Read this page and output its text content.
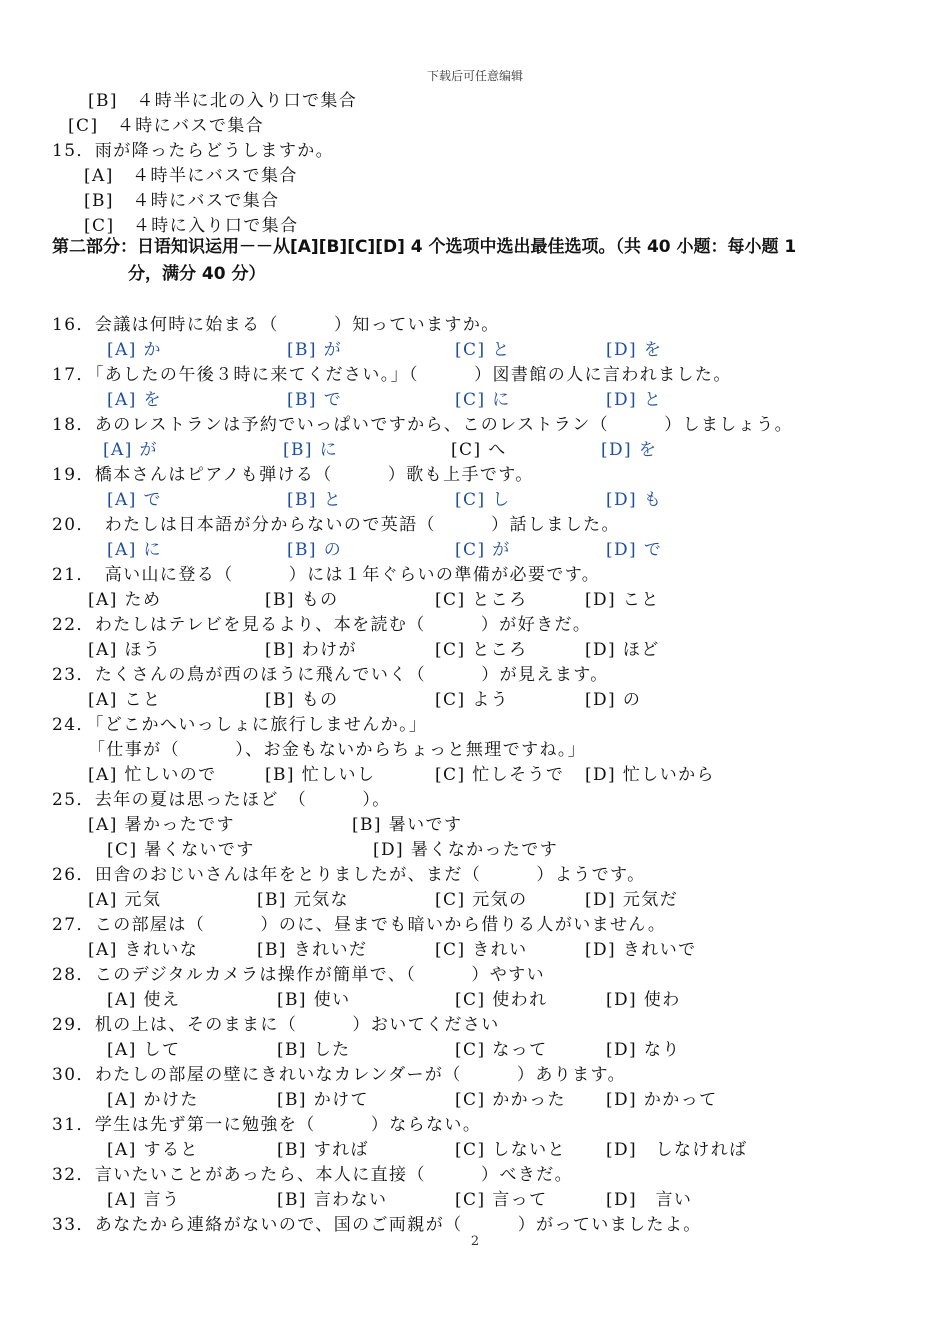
下载后可任意编辑
[B]　４時半に北の入り口で集合
[C]　４時にバスで集合
15．雨が降ったらどうしますか。
[A]　４時半にバスで集合
[B]　４時にバスで集合
[C]　４時に入り口で集合
16．会議は何時に始まる（　　　）知っていますか。
[A] か	[B] が	[C] と	[D] を
17．「あしたの午後３時に来てください。」（　　　）図書館の人に言われました。
[A] を	[B] で	[C] に	[D] と
18．あのレストランは予約でいっぱいですから、このレストラン（　　　）しましょう。
[A] が	[B] に	[C] へ	[D] を
19．橋本さんはピアノも弾ける（　　　）歌も上手です。
[A] で	[B] と	[C] し	[D] も
20．　わたしは日本語が分からないので英語（　　　）話しました。
[A] に	[B] の	[C] が	[D] で
21．　高い山に登る（　　　）には１年ぐらいの準備が必要です。
[A] ため	[B] もの	[C] ところ	[D] こと
22．わたしはテレビを見るより、本を読む（　　　）が好きだ。
[A] ほう	[B] わけが	[C] ところ	[D] ほど
23．たくさんの鳥が西のほうに飛んでいく（　　　）が見えます。
[A] こと	[B] もの	[C] よう	[D] の
24．「どこかへいっしょに旅行しませんか。」
「仕事が（　　　）、お金もないからちょっと無理ですね。」
[A] 忙しいので	[B] 忙しいし	[C] 忙しそうで [D] 忙しいから
25．去年の夏は思ったほど　（　　　）。
[A] 暑かったです	[B] 暑いです
[C] 暑くないです	[D] 暑くなかったです
26．田舎のおじいさんは年をとりましたが、まだ（　　　）ようです。
[A] 元気	[B] 元気な	[C] 元気の	[D] 元気だ
27．この部屋は（　　　）のに、昼までも暗いから借りる人がいません。
[A] きれいな	[B] きれいだ	[C] きれい	[D] きれいで
28．このデジタルカメラは操作が簡単で、（　　　）やすい
[A] 使え	[B] 使い	[C] 使われ	[D] 使わ
29．机の上は、そのままに（　　　）おいてください
[A] して	[B] した	[C] なって	[D] なり
30．わたしの部屋の壁にきれいなカレンダーが（　　　）あります。
[A] かけた	[B] かけて	[C] かかった [D] かかって
31．学生は先ず第一に勉強を（　　　）ならない。
[A] すると	[B] すれば	[C] しないと [D]　しなければ
32．言いたいことがあったら、本人に直接（　　　）べきだ。
[A] 言う	[B] 言わない	[C] 言って	[D]　言い
33．あなたから連絡がないので、国のご両親が（　　　）がっていましたよ。
第二部分：日语知识运用－－从[A][B][C][D] 4 个选项中选出最佳选项。（共 40 小题：每小题 1
分，满分 40 分）
2
